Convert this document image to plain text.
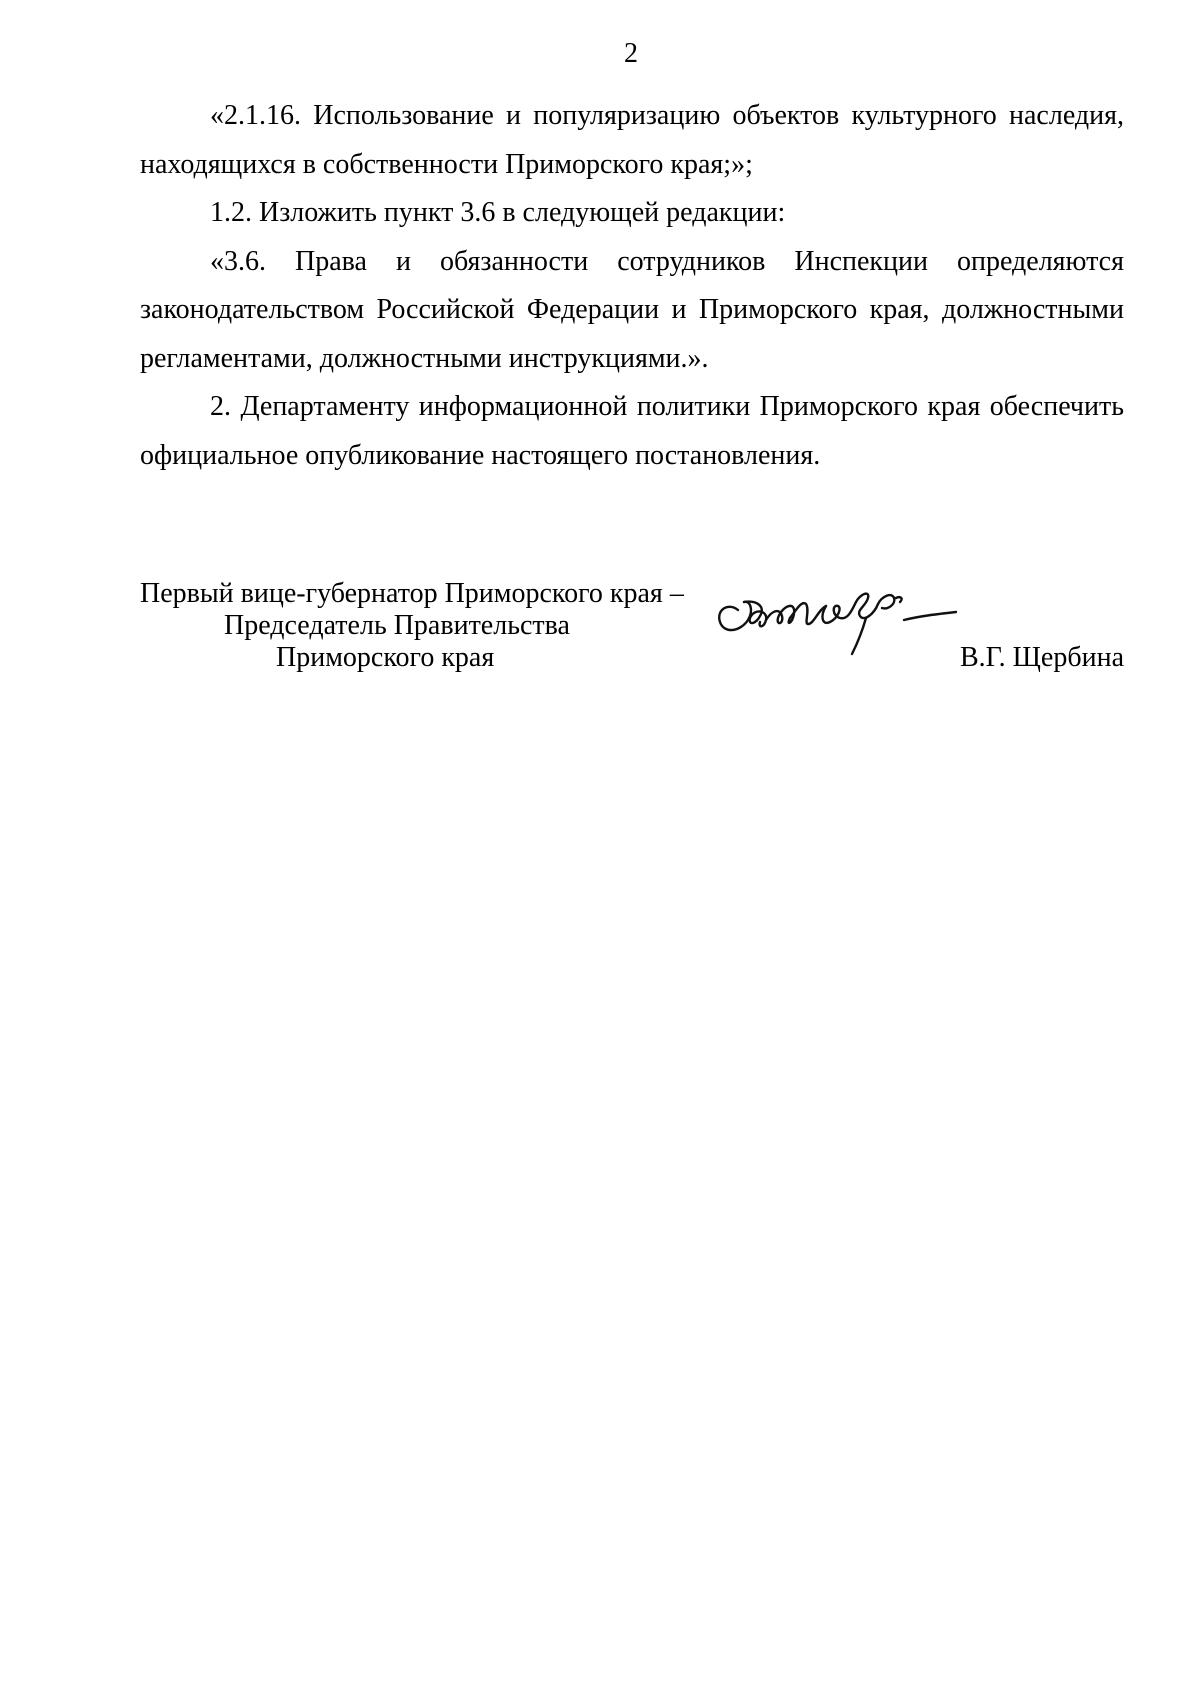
2

«2.1.16. Использование и популяризацию объектов культурного наследия, находящихся в собственности Приморского края;»;

1.2. Изложить пункт 3.6 в следующей редакции:

«3.6. Права и обязанности сотрудников Инспекции определяются законодательством Российской Федерации и Приморского края, должностными регламентами, должностными инструкциями.».

2. Департаменту информационной политики Приморского края обеспечить официальное опубликование настоящего постановления.

Первый вице-губернатор Приморского края –
Председатель Правительства
Приморского края	В.Г. Щербина
